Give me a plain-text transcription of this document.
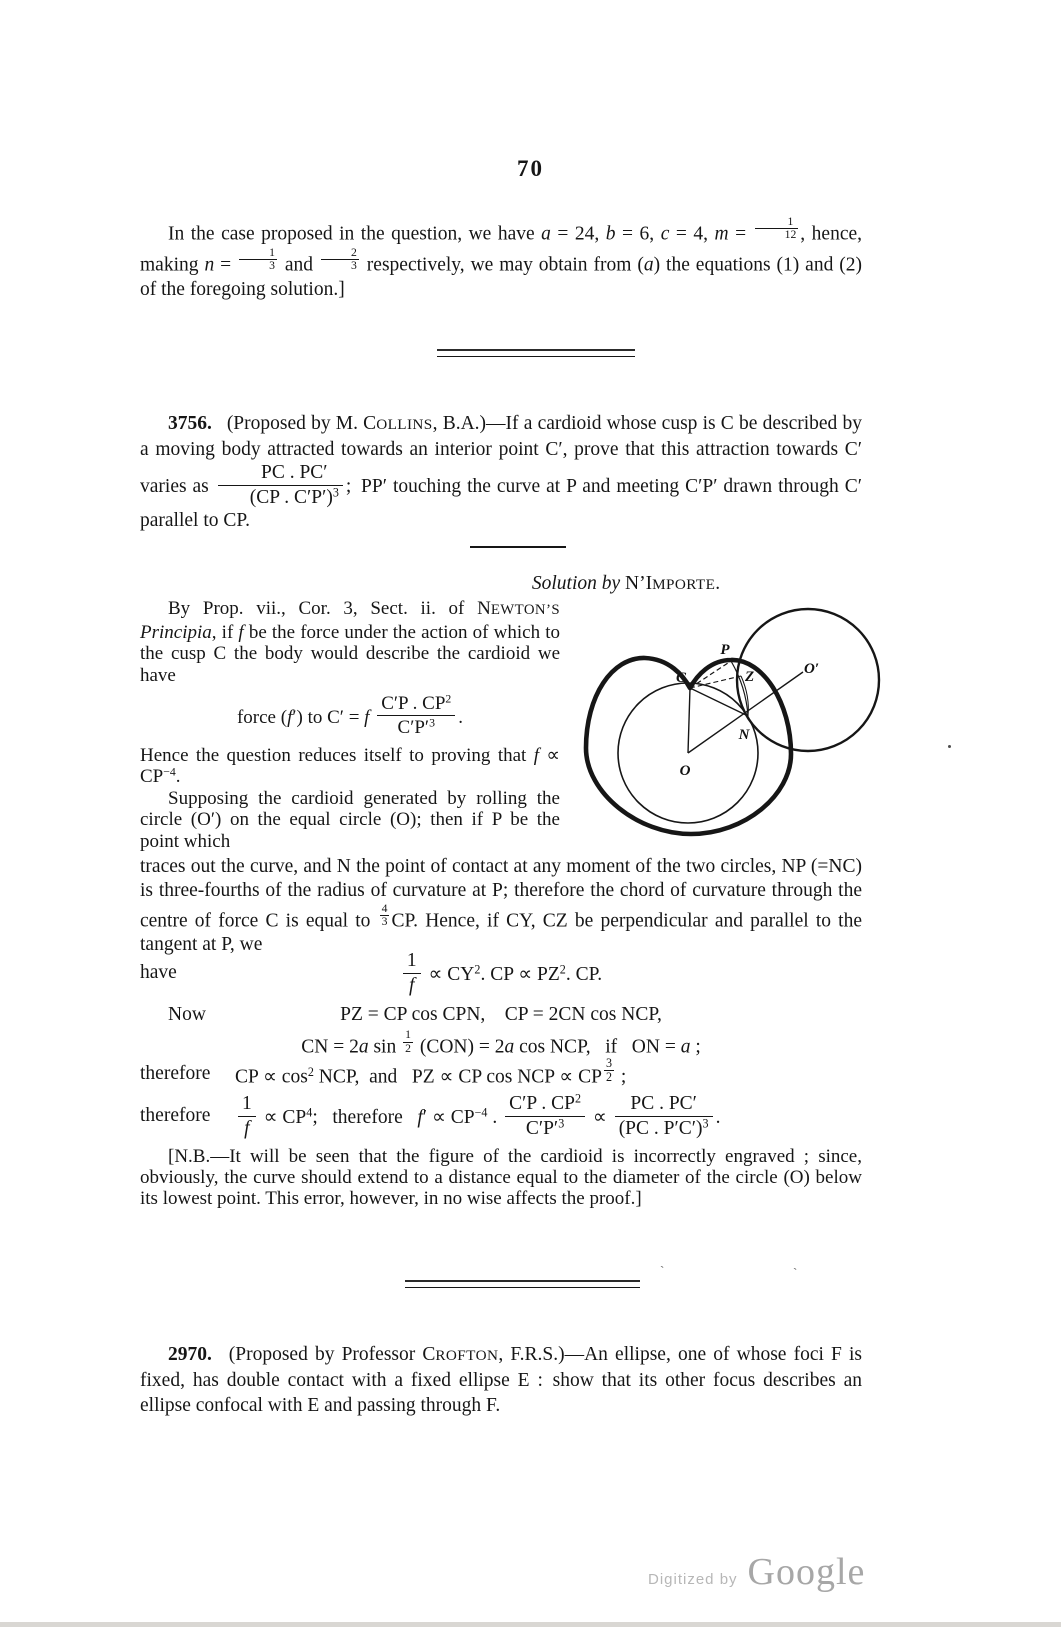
70

In the case proposed in the question, we have a = 24, b = 6, c = 4, $m = \frac{1}{12}$ , hence, making $n = \frac{1}{3}$ and $\frac{2}{3}$ respectively, we may obtain from (a) the equations (1) and (2) of the foregoing solution.]

3756.  (Proposed by M. COLLINS, B.A.)—If a cardioid whose cusp is C be described by a moving body attracted towards an interior point C′, prove that this attraction towards C′ varies as $\frac{PC . PC'}{(CP . C'P')^3}$ ; PP′ touching the curve at P and meeting C′P′ drawn through C′ parallel to CP.

Solution by N’IMPORTE.

By Prop. vii., Cor. 3, Sect. ii. of NEWTON’S Principia, if f be the force under the action of which to the cusp C the body would describe the cardioid we have

force (f′) to C′ = f $\frac{C'P . CP^2}{C'P'^3}$ .

Hence the question reduces itself to proving that $f \propto CP^{-4}$.

Supposing the cardioid generated by rolling the circle (O′) on the equal circle (O); then if P be the point which

P
Z
C
O′
N
O

traces out the curve, and N the point of contact at any moment of the two circles, NP (=NC) is three-fourths of the radius of curvature at P; therefore the chord of curvature through the centre of force C is equal to $\frac{4}{3}$ CP. Hence, if CY, CZ be perpendicular and parallel to the tangent at P, we

have	$\frac{1}{f} \propto CY^2$. CP ∝ $PZ^2$. CP.
Now	PZ = CP cos CPN,  CP = 2CN cos NCP,
CN = 2a $\sin \frac{1}{2} (CON) = 2a$ cos NCP,  if  ON = a ;
therefore CP ∝ $\cos^2$ NCP, and  PZ ∝ CP cos NCP ∝ CP $^{\frac{3}{2}}$ ;
therefore $\frac{1}{f} \propto CP^4$;  therefore  $f' \propto CP^{-4}$ . $\frac{C'P . CP^2}{C'P'^3} \propto \frac{PC . PC'}{(PC . P'C')^3}$ .

[N.B.—It will be seen that the figure of the cardioid is incorrectly engraved ; since, obviously, the curve should extend to a distance equal to the diameter of the circle (O) below its lowest point. This error, however, in no wise affects the proof.]

2970.  (Proposed by Professor CROFTON, F.R.S.)—An ellipse, one of whose foci F is fixed, has double contact with a fixed ellipse E : show that its other focus describes an ellipse confocal with E and passing through F.

Digitized by Google
ˋ	ˋ
